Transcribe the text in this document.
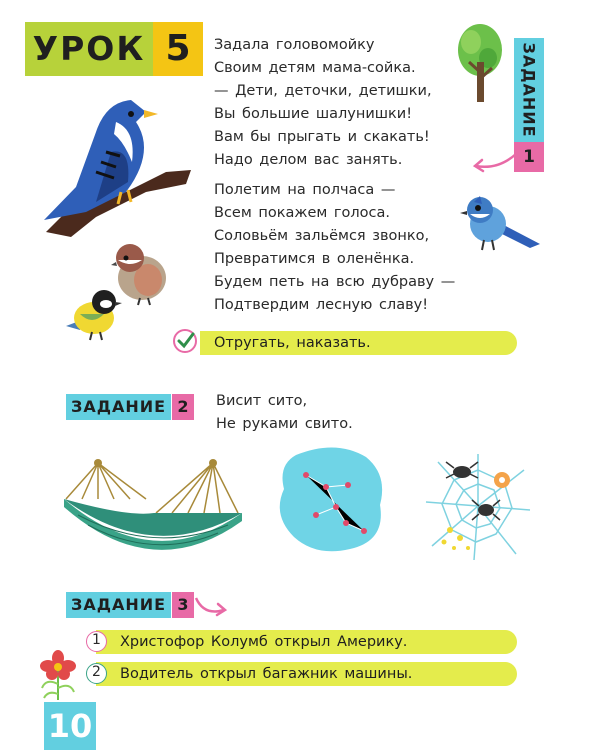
УРОК 5	Задала головомойку
Своим детям мама-сойка.
— Дети, деточки, детишки,
Вы большие шалунишки!
Вам бы прыгать и скакать!
Надо делом вас занять.
Полетим на полчаса —
Всем покажем голоса.
Соловьём зальёмся звонко,
Превратимся в оленёнка.
Будем петь на всю дубраву —
Подтвердим лесную славу!
ЗАДАНИЕ
1
Отругать, наказать.
ЗАДАНИЕ 2	Висит сито,
Не руками свито.
ЗАДАНИЕ 3
Христофор Колумб открыл Америку.
1
Водитель открыл багажник машины.
2
10
